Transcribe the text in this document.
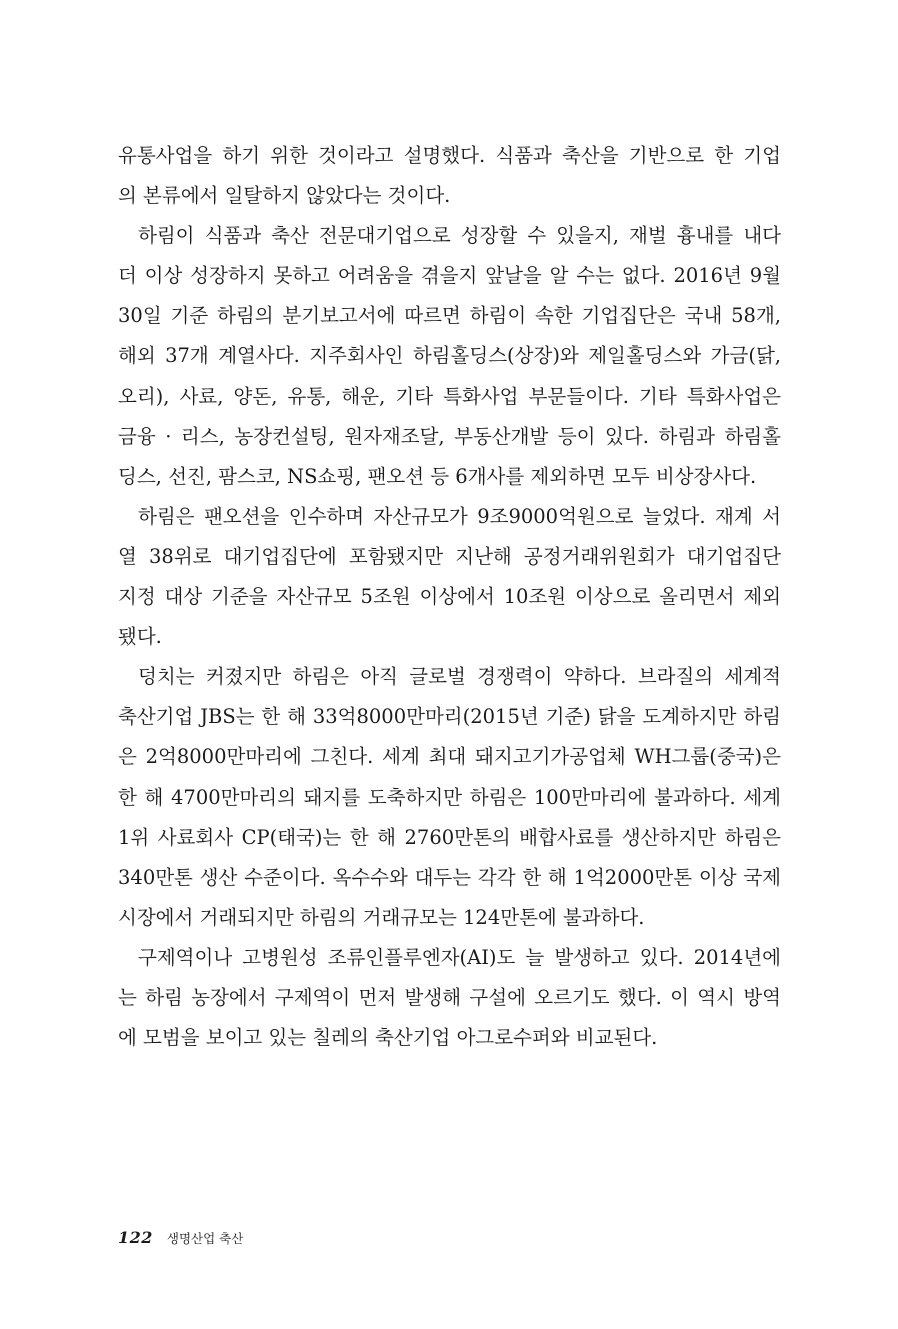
유통사업을 하기 위한 것이라고 설명했다. 식품과 축산을 기반으로 한 기업
의 본류에서 일탈하지 않았다는 것이다.
하림이 식품과 축산 전문대기업으로 성장할 수 있을지, 재벌 흉내를 내다
더 이상 성장하지 못하고 어려움을 겪을지 앞날을 알 수는 없다. 2016년 9월
30일 기준 하림의 분기보고서에 따르면 하림이 속한 기업집단은 국내 58개,
해외 37개 계열사다. 지주회사인 하림홀딩스(상장)와 제일홀딩스와 가금(닭,
오리), 사료, 양돈, 유통, 해운, 기타 특화사업 부문들이다. 기타 특화사업은
금융 · 리스, 농장컨설팅, 원자재조달, 부동산개발 등이 있다. 하림과 하림홀
딩스, 선진, 팜스코, NS쇼핑, 팬오션 등 6개사를 제외하면 모두 비상장사다.
하림은 팬오션을 인수하며 자산규모가 9조9000억원으로 늘었다. 재계 서
열 38위로 대기업집단에 포함됐지만 지난해 공정거래위원회가 대기업집단
지정 대상 기준을 자산규모 5조원 이상에서 10조원 이상으로 올리면서 제외
됐다.
덩치는 커졌지만 하림은 아직 글로벌 경쟁력이 약하다. 브라질의 세계적
축산기업 JBS는 한 해 33억8000만마리(2015년 기준) 닭을 도계하지만 하림
은 2억8000만마리에 그친다. 세계 최대 돼지고기가공업체 WH그룹(중국)은
한 해 4700만마리의 돼지를 도축하지만 하림은 100만마리에 불과하다. 세계
1위 사료회사 CP(태국)는 한 해 2760만톤의 배합사료를 생산하지만 하림은
340만톤 생산 수준이다. 옥수수와 대두는 각각 한 해 1억2000만톤 이상 국제
시장에서 거래되지만 하림의 거래규모는 124만톤에 불과하다.
구제역이나 고병원성 조류인플루엔자(AI)도 늘 발생하고 있다. 2014년에
는 하림 농장에서 구제역이 먼저 발생해 구설에 오르기도 했다. 이 역시 방역
에 모범을 보이고 있는 칠레의 축산기업 아그로수퍼와 비교된다.
122 생명산업 축산
